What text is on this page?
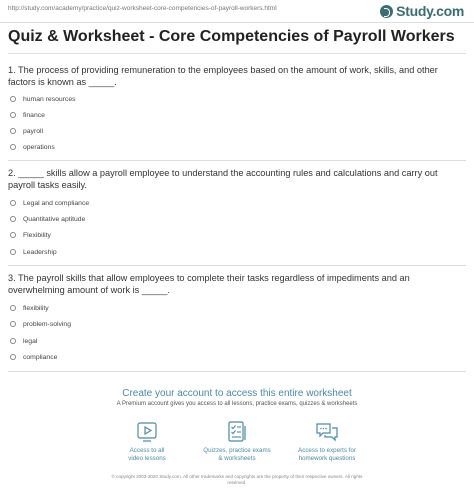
http://study.com/academy/practice/quiz-worksheet-core-competencies-of-payroll-workers.html	Study.com
Quiz & Worksheet - Core Competencies of Payroll Workers
1. The process of providing remuneration to the employees based on the amount of work, skills, and other factors is known as _____.
human resources
finance
payroll
operations
2. _____ skills allow a payroll employee to understand the accounting rules and calculations and carry out payroll tasks easily.
Legal and compliance
Quantitative aptitude
Flexibility
Leadership
3. The payroll skills that allow employees to complete their tasks regardless of impediments and an overwhelming amount of work is _____.
flexibility
problem-solving
legal
compliance
Create your account to access this entire worksheet
A Premium account gives you access to all lessons, practice exams, quizzes & worksheets
Access to all
video lessons
Quizzes, practice exams
& worksheets
Access to experts for
homework questions
© copyright 2003-2020 Study.com. All other trademarks and copyrights are the property of their respective owners. All rights
reserved.
